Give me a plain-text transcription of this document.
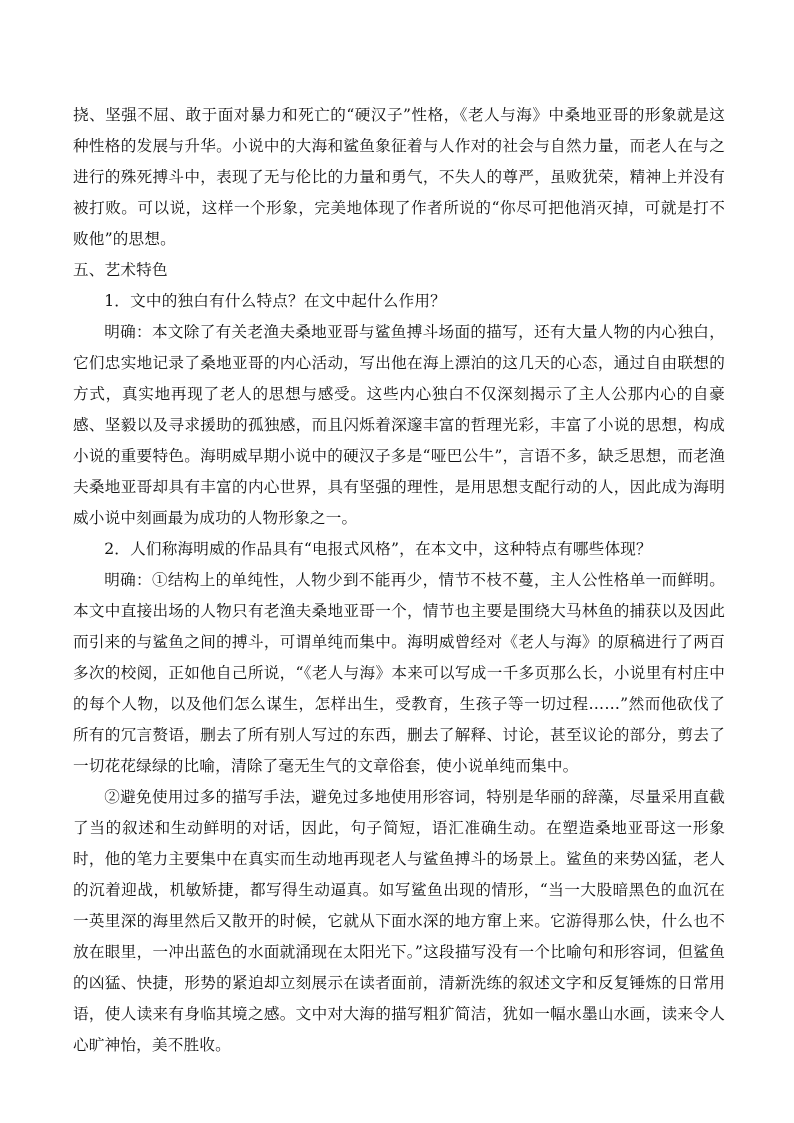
挠、坚强不屈、敢于面对暴力和死亡的“硬汉子”性格，《老人与海》中桑地亚哥的形象就是这种性格的发展与升华。小说中的大海和鲨鱼象征着与人作对的社会与自然力量，而老人在与之进行的殊死搏斗中，表现了无与伦比的力量和勇气，不失人的尊严，虽败犹荣，精神上并没有被打败。可以说，这样一个形象，完美地体现了作者所说的“你尽可把他消灭掉，可就是打不败他”的思想。

五、艺术特色

1．文中的独白有什么特点？在文中起什么作用？

明确：本文除了有关老渔夫桑地亚哥与鲨鱼搏斗场面的描写，还有大量人物的内心独白，它们忠实地记录了桑地亚哥的内心活动，写出他在海上漂泊的这几天的心态，通过自由联想的方式，真实地再现了老人的思想与感受。这些内心独白不仅深刻揭示了主人公那内心的自豪感、坚毅以及寻求援助的孤独感，而且闪烁着深邃丰富的哲理光彩，丰富了小说的思想，构成小说的重要特色。海明威早期小说中的硬汉子多是“哑巴公牛”，言语不多，缺乏思想，而老渔夫桑地亚哥却具有丰富的内心世界，具有坚强的理性，是用思想支配行动的人，因此成为海明威小说中刻画最为成功的人物形象之一。

2．人们称海明威的作品具有“电报式风格”，在本文中，这种特点有哪些体现？

明确：①结构上的单纯性，人物少到不能再少，情节不枝不蔓，主人公性格单一而鲜明。本文中直接出场的人物只有老渔夫桑地亚哥一个，情节也主要是围绕大马林鱼的捕获以及因此而引来的与鲨鱼之间的搏斗，可谓单纯而集中。海明威曾经对《老人与海》的原稿进行了两百多次的校阅，正如他自己所说，“《老人与海》本来可以写成一千多页那么长，小说里有村庄中的每个人物，以及他们怎么谋生，怎样出生，受教育，生孩子等一切过程……”然而他砍伐了所有的冗言赘语，删去了所有别人写过的东西，删去了解释、讨论，甚至议论的部分，剪去了一切花花绿绿的比喻，清除了毫无生气的文章俗套，使小说单纯而集中。

②避免使用过多的描写手法，避免过多地使用形容词，特别是华丽的辞藻，尽量采用直截了当的叙述和生动鲜明的对话，因此，句子简短，语汇准确生动。在塑造桑地亚哥这一形象时，他的笔力主要集中在真实而生动地再现老人与鲨鱼搏斗的场景上。鲨鱼的来势凶猛，老人的沉着迎战，机敏矫捷，都写得生动逼真。如写鲨鱼出现的情形，“当一大股暗黑色的血沉在一英里深的海里然后又散开的时候，它就从下面水深的地方窜上来。它游得那么快，什么也不放在眼里，一冲出蓝色的水面就涌现在太阳光下。”这段描写没有一个比喻句和形容词，但鲨鱼的凶猛、快捷，形势的紧迫却立刻展示在读者面前，清新洗练的叙述文字和反复锤炼的日常用语，使人读来有身临其境之感。文中对大海的描写粗犷简洁，犹如一幅水墨山水画，读来令人心旷神怡，美不胜收。
